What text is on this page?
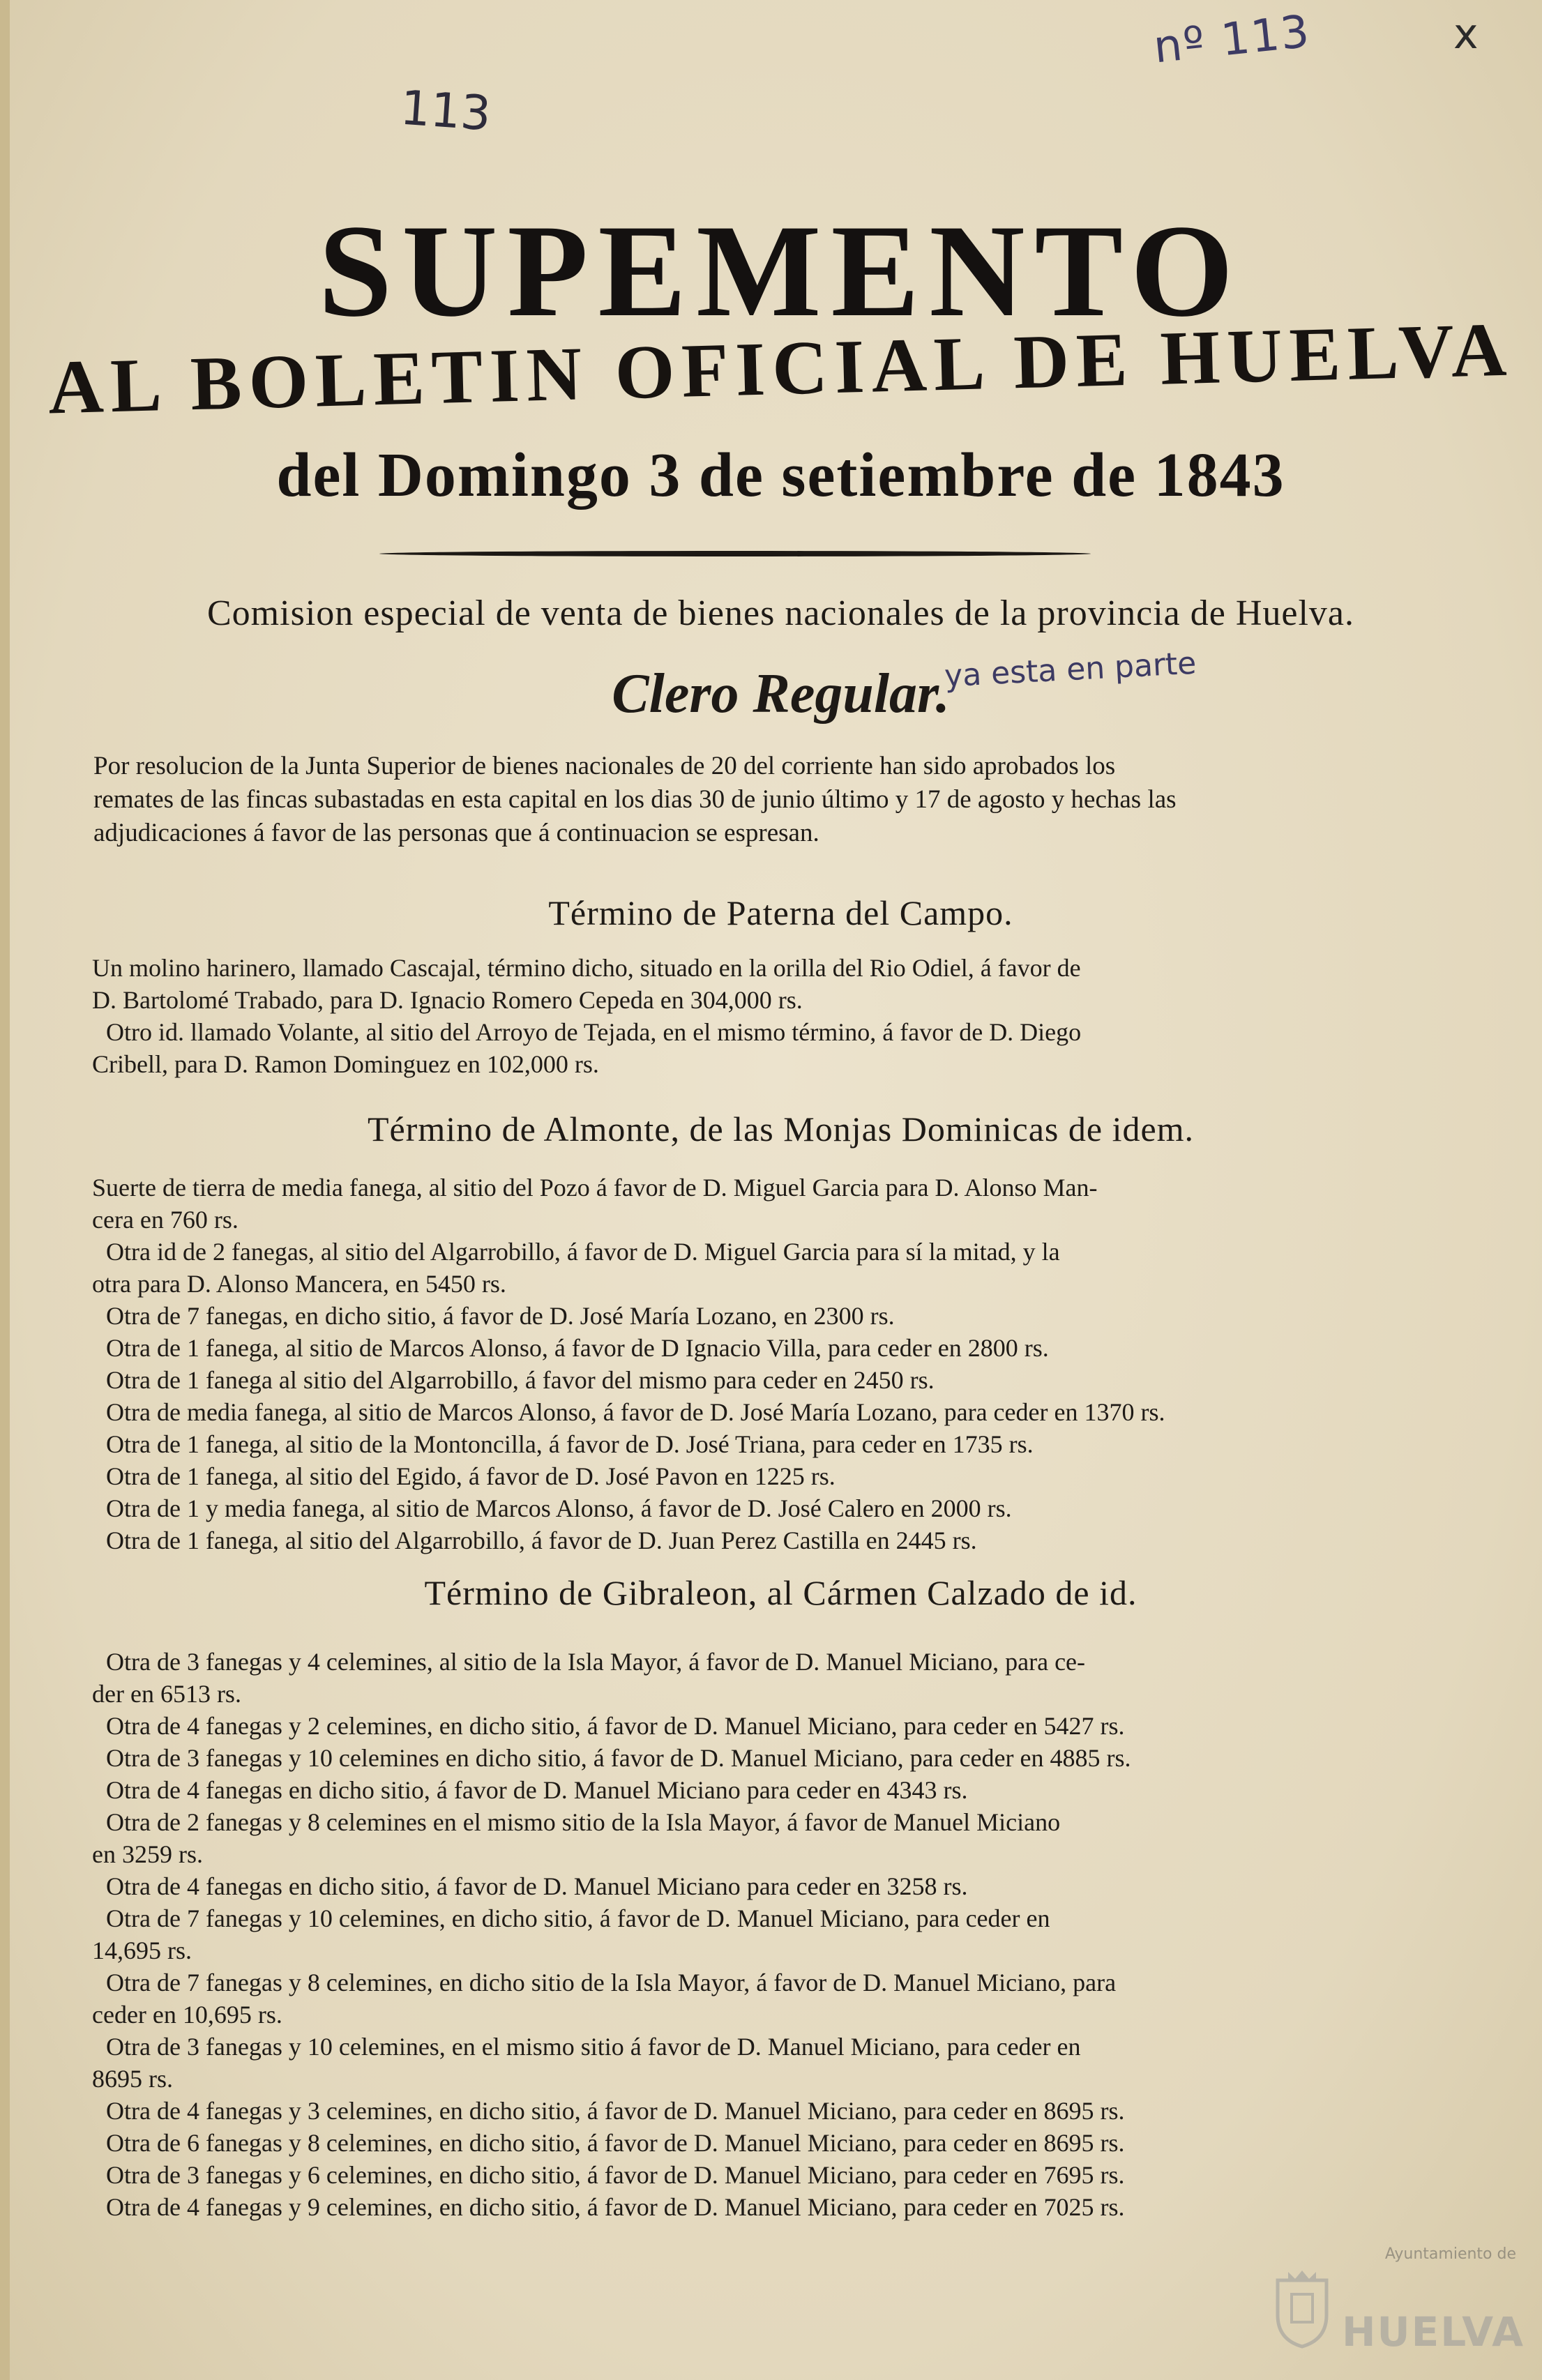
nº 113	x
113
SUPEMENTO
AL BOLETIN OFICIAL DE HUELVA
del Domingo 3 de setiembre de 1843
Comision especial de venta de bienes nacionales de la provincia de Huelva.
Clero Regular.
ya esta en parte
Por resolucion de la Junta Superior de bienes nacionales de 20 del corriente han sido aprobados los
remates de las fincas subastadas en esta capital en los dias 30 de junio último y 17 de agosto y hechas las
adjudicaciones á favor de las personas que á continuacion se espresan.
Término de Paterna del Campo.
Un molino harinero, llamado Cascajal, término dicho, situado en la orilla del Rio Odiel, á favor de
D. Bartolomé Trabado, para D. Ignacio Romero Cepeda en 304,000 rs.
Otro id. llamado Volante, al sitio del Arroyo de Tejada, en el mismo término, á favor de D. Diego
Cribell, para D. Ramon Dominguez en 102,000 rs.
Término de Almonte, de las Monjas Dominicas de idem.
Suerte de tierra de media fanega, al sitio del Pozo á favor de D. Miguel Garcia para D. Alonso Man-
cera en 760 rs.
Otra id de 2 fanegas, al sitio del Algarrobillo, á favor de D. Miguel Garcia para sí la mitad, y la
otra para D. Alonso Mancera, en 5450 rs.
Otra de 7 fanegas, en dicho sitio, á favor de D. José María Lozano, en 2300 rs.
Otra de 1 fanega, al sitio de Marcos Alonso, á favor de D Ignacio Villa, para ceder en 2800 rs.
Otra de 1 fanega al sitio del Algarrobillo, á favor del mismo para ceder en 2450 rs.
Otra de media fanega, al sitio de Marcos Alonso, á favor de D. José María Lozano, para ceder en 1370 rs.
Otra de 1 fanega, al sitio de la Montoncilla, á favor de D. José Triana, para ceder en 1735 rs.
Otra de 1 fanega, al sitio del Egido, á favor de D. José Pavon en 1225 rs.
Otra de 1 y media fanega, al sitio de Marcos Alonso, á favor de D. José Calero en 2000 rs.
Otra de 1 fanega, al sitio del Algarrobillo, á favor de D. Juan Perez Castilla en 2445 rs.
Término de Gibraleon, al Cármen Calzado de id.
Otra de 3 fanegas y 4 celemines, al sitio de la Isla Mayor, á favor de D. Manuel Miciano, para ce-
der en 6513 rs.
Otra de 4 fanegas y 2 celemines, en dicho sitio, á favor de D. Manuel Miciano, para ceder en 5427 rs.
Otra de 3 fanegas y 10 celemines en dicho sitio, á favor de D. Manuel Miciano, para ceder en 4885 rs.
Otra de 4 fanegas en dicho sitio, á favor de D. Manuel Miciano para ceder en 4343 rs.
Otra de 2 fanegas y 8 celemines en el mismo sitio de la Isla Mayor, á favor de Manuel Miciano
en 3259 rs.
Otra de 4 fanegas en dicho sitio, á favor de D. Manuel Miciano para ceder en 3258 rs.
Otra de 7 fanegas y 10 celemines, en dicho sitio, á favor de D. Manuel Miciano, para ceder en
14,695 rs.
Otra de 7 fanegas y 8 celemines, en dicho sitio de la Isla Mayor, á favor de D. Manuel Miciano, para
ceder en 10,695 rs.
Otra de 3 fanegas y 10 celemines, en el mismo sitio á favor de D. Manuel Miciano, para ceder en
8695 rs.
Otra de 4 fanegas y 3 celemines, en dicho sitio, á favor de D. Manuel Miciano, para ceder en 8695 rs.
Otra de 6 fanegas y 8 celemines, en dicho sitio, á favor de D. Manuel Miciano, para ceder en 8695 rs.
Otra de 3 fanegas y 6 celemines, en dicho sitio, á favor de D. Manuel Miciano, para ceder en 7695 rs.
Otra de 4 fanegas y 9 celemines, en dicho sitio, á favor de D. Manuel Miciano, para ceder en 7025 rs.
Ayuntamiento de
HUELVA
